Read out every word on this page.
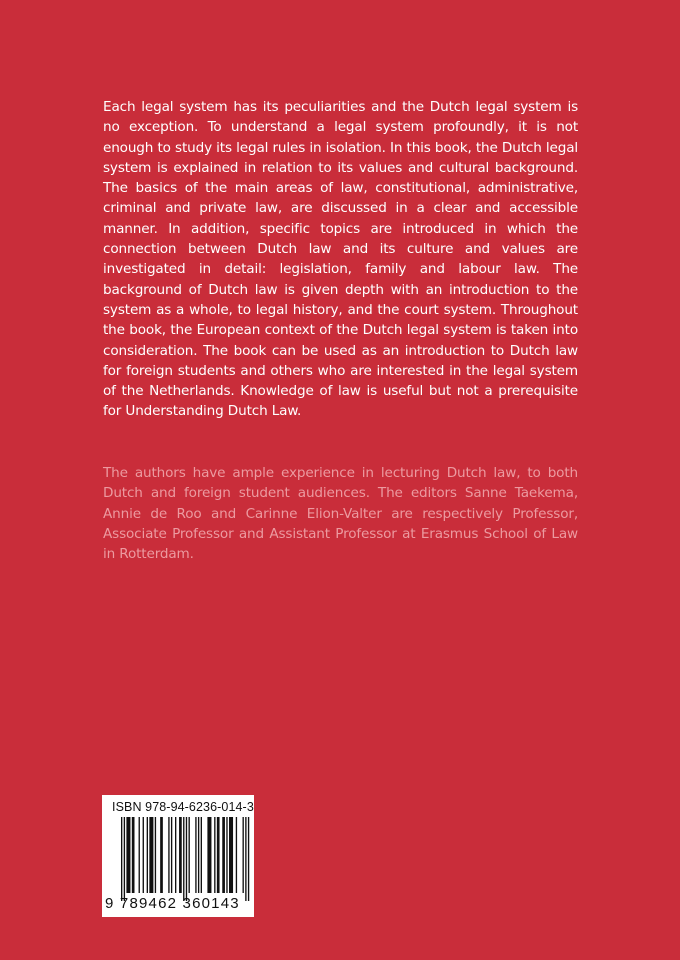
Each legal system has its peculiarities and the Dutch legal system is no exception. To understand a legal system profoundly, it is not enough to study its legal rules in isolation. In this book, the Dutch legal system is explained in relation to its values and cultural background. The basics of the main areas of law, constitutional, administrative, criminal and private law, are discussed in a clear and accessible manner. In addition, specific topics are introduced in which the connection between Dutch law and its culture and values are investigated in detail: legislation, family and labour law. The background of Dutch law is given depth with an introduction to the system as a whole, to legal history, and the court system. Throughout the book, the European context of the Dutch legal system is taken into consideration. The book can be used as an introduction to Dutch law for foreign students and others who are interested in the legal system of the Netherlands. Knowledge of law is useful but not a prerequisite for Understanding Dutch Law.

The authors have ample experience in lecturing Dutch law, to both Dutch and foreign student audiences. The editors Sanne Taekema, Annie de Roo and Carinne Elion-Valter are respectively Professor, Associate Professor and Assistant Professor at Erasmus School of Law in Rotterdam.

ISBN 978-94-6236-014-3
9 789462 360143
